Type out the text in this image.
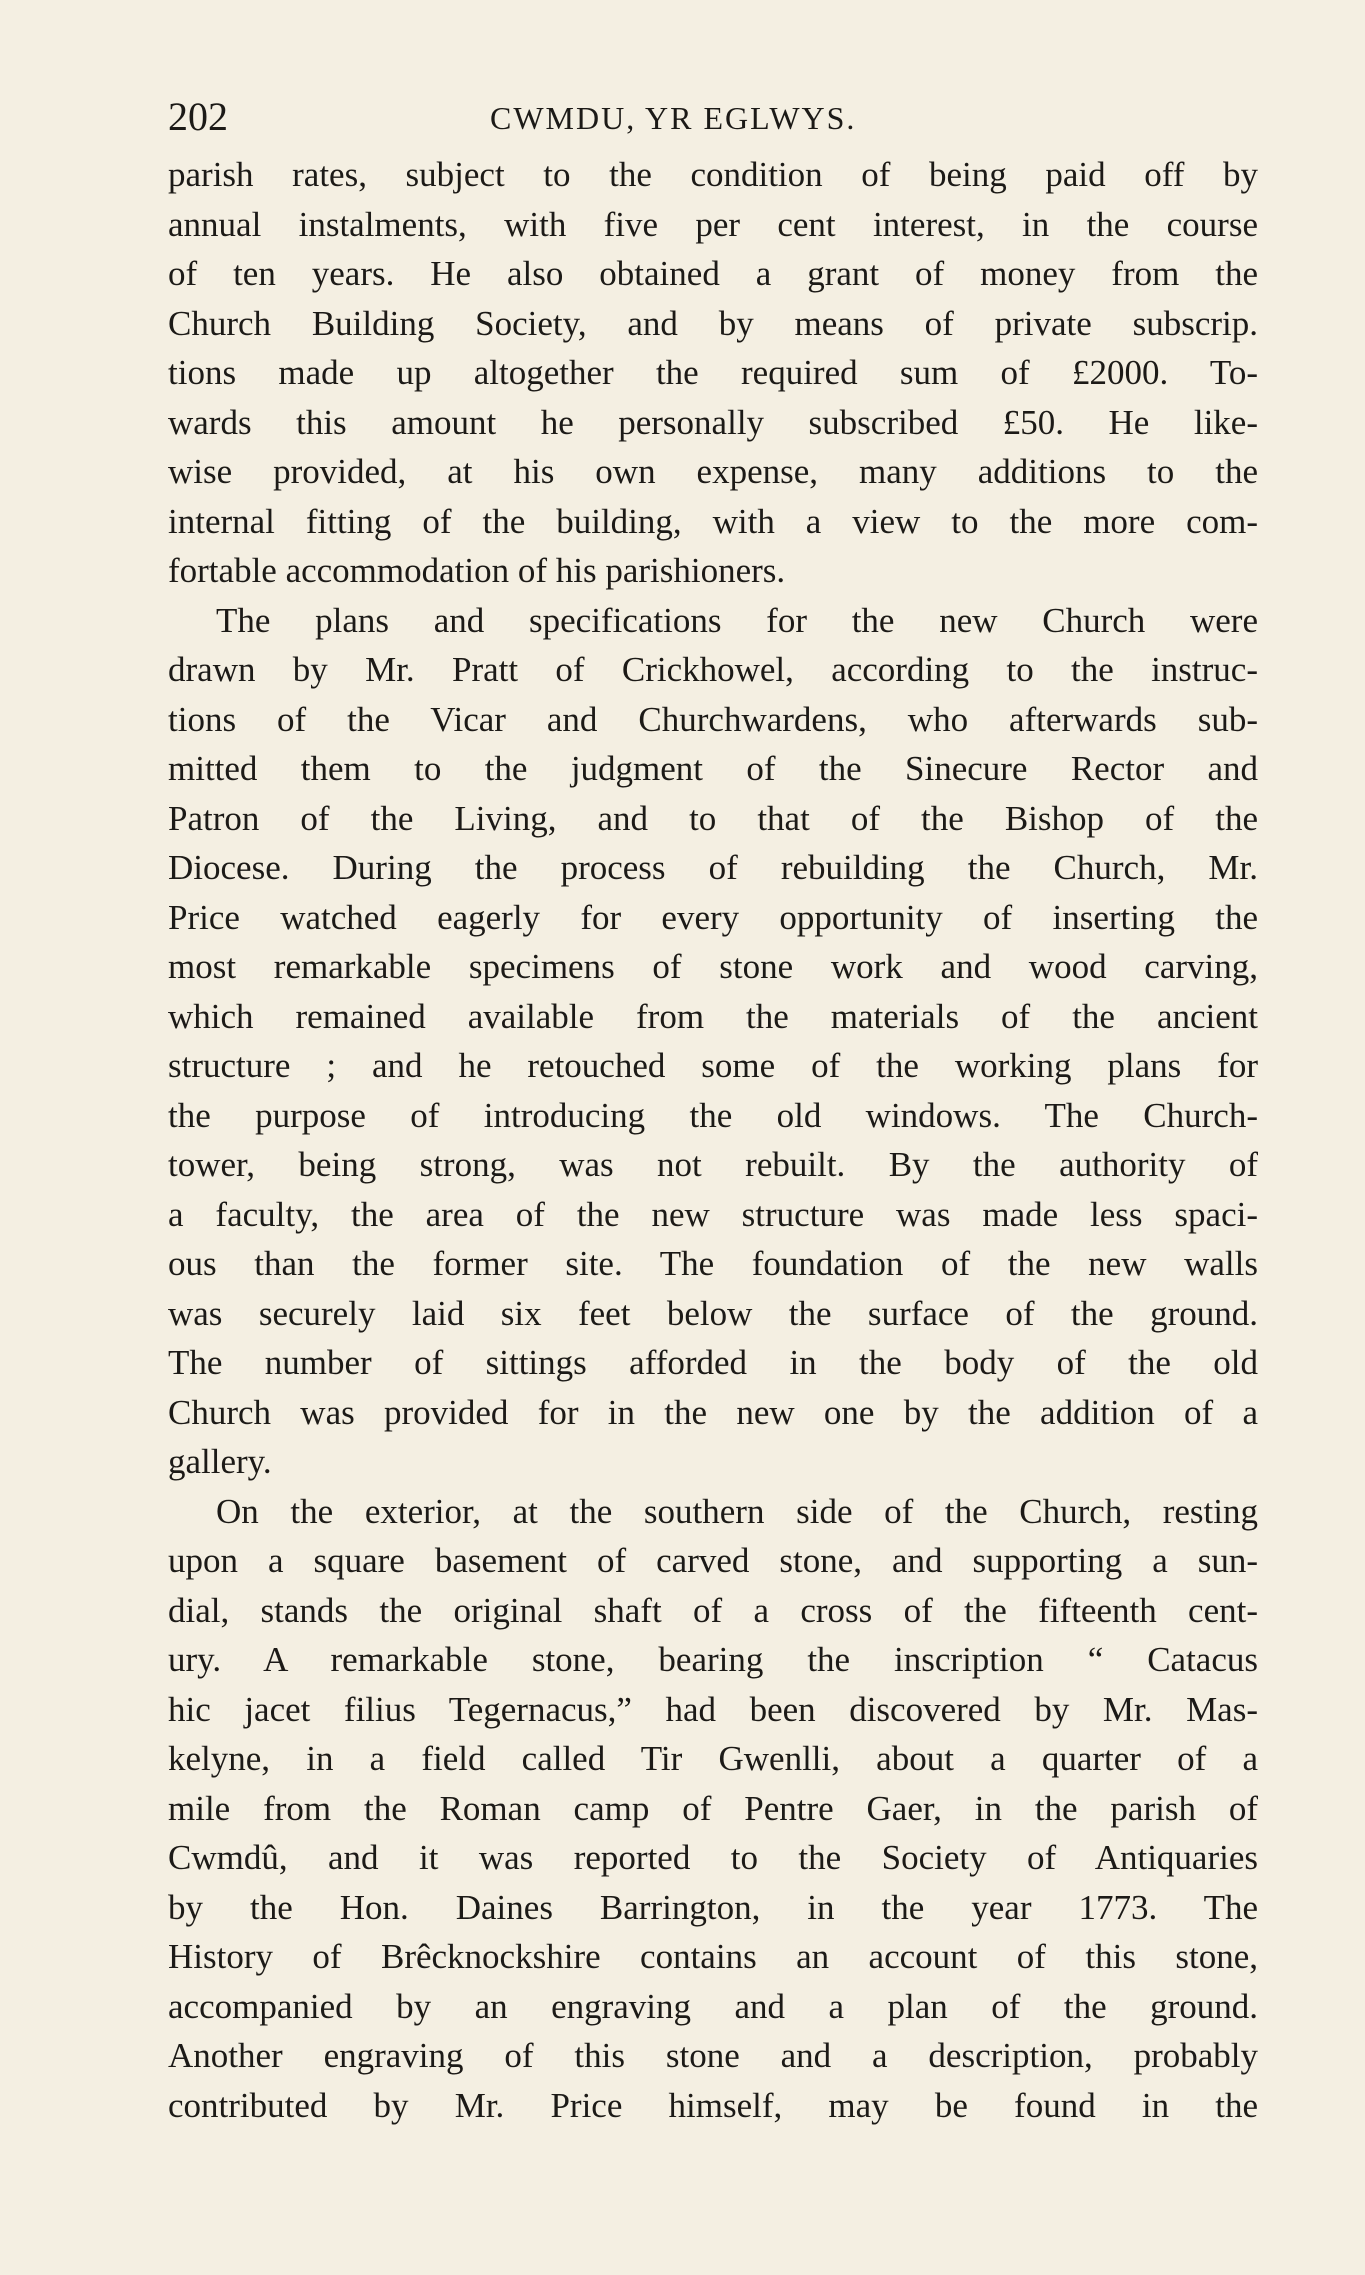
202	CWMDU, YR EGLWYS.
parish rates, subject to the condition of being paid off by
annual instalments, with five per cent interest, in the course
of ten years. He also obtained a grant of money from the
Church Building Society, and by means of private subscrip.
tions made up altogether the required sum of £2000. To-
wards this amount he personally subscribed £50. He like-
wise provided, at his own expense, many additions to the
internal fitting of the building, with a view to the more com-
fortable accommodation of his parishioners.
The plans and specifications for the new Church were
drawn by Mr. Pratt of Crickhowel, according to the instruc-
tions of the Vicar and Churchwardens, who afterwards sub-
mitted them to the judgment of the Sinecure Rector and
Patron of the Living, and to that of the Bishop of the
Diocese. During the process of rebuilding the Church, Mr.
Price watched eagerly for every opportunity of inserting the
most remarkable specimens of stone work and wood carving,
which remained available from the materials of the ancient
structure ; and he retouched some of the working plans for
the purpose of introducing the old windows. The Church-
tower, being strong, was not rebuilt. By the authority of
a faculty, the area of the new structure was made less spaci-
ous than the former site. The foundation of the new walls
was securely laid six feet below the surface of the ground.
The number of sittings afforded in the body of the old
Church was provided for in the new one by the addition of a
gallery.
On the exterior, at the southern side of the Church, resting
upon a square basement of carved stone, and supporting a sun-
dial, stands the original shaft of a cross of the fifteenth cent-
ury. A remarkable stone, bearing the inscription “ Catacus
hic jacet filius Tegernacus,” had been discovered by Mr. Mas-
kelyne, in a field called Tir Gwenlli, about a quarter of a
mile from the Roman camp of Pentre Gaer, in the parish of
Cwmdû, and it was reported to the Society of Antiquaries
by the Hon. Daines Barrington, in the year 1773. The
History of Brêcknockshire contains an account of this stone,
accompanied by an engraving and a plan of the ground.
Another engraving of this stone and a description, probably
contributed by Mr. Price himself, may be found in the
